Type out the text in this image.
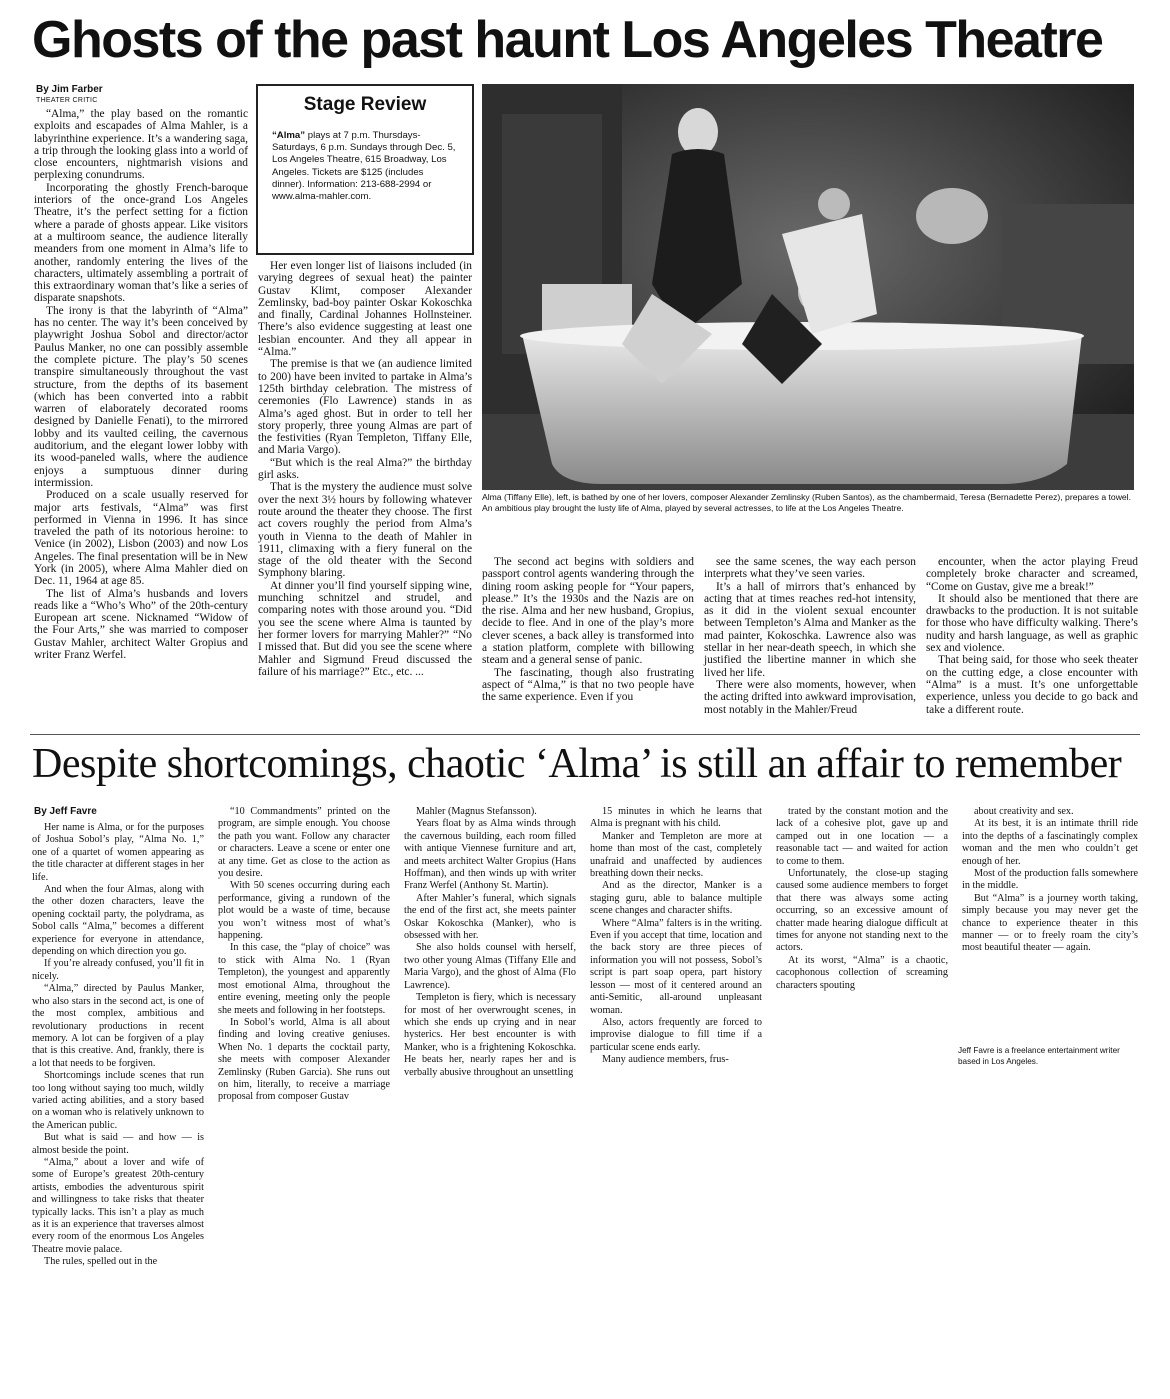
Ghosts of the past haunt Los Angeles Theatre
By Jim Farber
THEATER CRITIC

“Alma,” the play based on the romantic exploits and escapades of Alma Mahler, is a labyrinthine experience. It’s a wandering saga, a trip through the looking glass into a world of close encounters, nightmarish visions and perplexing conundrums.

Incorporating the ghostly French-baroque interiors of the once-grand Los Angeles Theatre, it’s the perfect setting for a fiction where a parade of ghosts appear. Like visitors at a multiroom seance, the audience literally meanders from one moment in Alma’s life to another, randomly entering the lives of the characters, ultimately assembling a portrait of this extraordinary woman that’s like a series of disparate snapshots.

The irony is that the labyrinth of “Alma” has no center. The way it’s been conceived by playwright Joshua Sobol and director/actor Paulus Manker, no one can possibly assemble the complete picture. The play’s 50 scenes transpire simultaneously throughout the vast structure, from the depths of its basement (which has been converted into a rabbit warren of elaborately decorated rooms designed by Danielle Fenati), to the mirrored lobby and its vaulted ceiling, the cavernous auditorium, and the elegant lower lobby with its wood-paneled walls, where the audience enjoys a sumptuous dinner during intermission.

Produced on a scale usually reserved for major arts festivals, “Alma” was first performed in Vienna in 1996. It has since traveled the path of its notorious heroine: to Venice (in 2002), Lisbon (2003) and now Los Angeles. The final presentation will be in New York (in 2005), where Alma Mahler died on Dec. 11, 1964 at age 85.

The list of Alma’s husbands and lovers reads like a “Who’s Who” of the 20th-century European art scene. Nicknamed “Widow of the Four Arts,” she was married to composer Gustav Mahler, architect Walter Gropius and writer Franz Werfel.

Stage Review
“Alma” plays at 7 p.m. Thursdays-Saturdays, 6 p.m. Sundays through Dec. 5, Los Angeles Theatre, 615 Broadway, Los Angeles. Tickets are $125 (includes dinner). Information: 213-688-2994 or www.alma-mahler.com.

Her even longer list of liaisons included (in varying degrees of sexual heat) the painter Gustav Klimt, composer Alexander Zemlinsky, bad-boy painter Oskar Kokoschka and finally, Cardinal Johannes Hollnsteiner. There’s also evidence suggesting at least one lesbian encounter. And they all appear in “Alma.”

The premise is that we (an audience limited to 200) have been invited to partake in Alma’s 125th birthday celebration. The mistress of ceremonies (Flo Lawrence) stands in as Alma’s aged ghost. But in order to tell her story properly, three young Almas are part of the festivities (Ryan Templeton, Tiffany Elle, and Maria Vargo).

“But which is the real Alma?” the birthday girl asks.

That is the mystery the audience must solve over the next 3½ hours by following whatever route around the theater they choose. The first act covers roughly the period from Alma’s youth in Vienna to the death of Mahler in 1911, climaxing with a fiery funeral on the stage of the old theater with the Second Symphony blaring.

At dinner you’ll find yourself sipping wine, munching schnitzel and strudel, and comparing notes with those around you. “Did you see the scene where Alma is taunted by her former lovers for marrying Mahler?” “No I missed that. But did you see the scene where Mahler and Sigmund Freud discussed the failure of his marriage?” Etc., etc. ...

Alma (Tiffany Elle), left, is bathed by one of her lovers, composer Alexander Zemlinsky (Ruben Santos), as the chambermaid, Teresa (Bernadette Perez), prepares a towel. An ambitious play brought the lusty life of Alma, played by several actresses, to life at the Los Angeles Theatre.

The second act begins with soldiers and passport control agents wandering through the dining room asking people for “Your papers, please.” It’s the 1930s and the Nazis are on the rise. Alma and her new husband, Gropius, decide to flee. And in one of the play’s more clever scenes, a back alley is transformed into a station platform, complete with billowing steam and a general sense of panic.

The fascinating, though also frustrating aspect of “Alma,” is that no two people have the same experience. Even if you

see the same scenes, the way each person interprets what they’ve seen varies.

It’s a hall of mirrors that’s enhanced by acting that at times reaches red-hot intensity, as it did in the violent sexual encounter between Templeton’s Alma and Manker as the mad painter, Kokoschka. Lawrence also was stellar in her near-death speech, in which she justified the libertine manner in which she lived her life.

There were also moments, however, when the acting drifted into awkward improvisation, most notably in the Mahler/Freud

encounter, when the actor playing Freud completely broke character and screamed, “Come on Gustav, give me a break!”

It should also be mentioned that there are drawbacks to the production. It is not suitable for those who have difficulty walking. There’s nudity and harsh language, as well as graphic sex and violence.

That being said, for those who seek theater on the cutting edge, a close encounter with “Alma” is a must. It’s one unforgettable experience, unless you decide to go back and take a different route.

Despite shortcomings, chaotic ‘Alma’ is still an affair to remember
By Jeff Favre

Her name is Alma, or for the purposes of Joshua Sobol’s play, “Alma No. 1,” one of a quartet of women appearing as the title character at different stages in her life.

And when the four Almas, along with the other dozen characters, leave the opening cocktail party, the polydrama, as Sobol calls “Alma,” becomes a different experience for everyone in attendance, depending on which direction you go.

If you’re already confused, you’ll fit in nicely.

“Alma,” directed by Paulus Manker, who also stars in the second act, is one of the most complex, ambitious and revolutionary productions in recent memory. A lot can be forgiven of a play that is this creative. And, frankly, there is a lot that needs to be forgiven.

Shortcomings include scenes that run too long without saying too much, wildly varied acting abilities, and a story based on a woman who is relatively unknown to the American public.

But what is said — and how — is almost beside the point.

“Alma,” about a lover and wife of some of Europe’s greatest 20th-century artists, embodies the adventurous spirit and willingness to take risks that theater typically lacks. This isn’t a play as much as it is an experience that traverses almost every room of the enormous Los Angeles Theatre movie palace.

The rules, spelled out in the

“10 Commandments” printed on the program, are simple enough. You choose the path you want. Follow any character or characters. Leave a scene or enter one at any time. Get as close to the action as you desire.

With 50 scenes occurring during each performance, giving a rundown of the plot would be a waste of time, because you won’t witness most of what’s happening.

In this case, the “play of choice” was to stick with Alma No. 1 (Ryan Templeton), the youngest and apparently most emotional Alma, throughout the entire evening, meeting only the people she meets and following in her footsteps.

In Sobol’s world, Alma is all about finding and loving creative geniuses. When No. 1 departs the cocktail party, she meets with composer Alexander Zemlinsky (Ruben Garcia). She runs out on him, literally, to receive a marriage proposal from composer Gustav

Mahler (Magnus Stefansson).

Years float by as Alma winds through the cavernous building, each room filled with antique Viennese furniture and art, and meets architect Walter Gropius (Hans Hoffman), and then winds up with writer Franz Werfel (Anthony St. Martin).

After Mahler’s funeral, which signals the end of the first act, she meets painter Oskar Kokoschka (Manker), who is obsessed with her.

She also holds counsel with herself, two other young Almas (Tiffany Elle and Maria Vargo), and the ghost of Alma (Flo Lawrence).

Templeton is fiery, which is necessary for most of her overwrought scenes, in which she ends up crying and in near hysterics. Her best encounter is with Manker, who is a frightening Kokoschka. He beats her, nearly rapes her and is verbally abusive throughout an unsettling

15 minutes in which he learns that Alma is pregnant with his child.

Manker and Templeton are more at home than most of the cast, completely unafraid and unaffected by audiences breathing down their necks.

And as the director, Manker is a staging guru, able to balance multiple scene changes and character shifts.

Where “Alma” falters is in the writing. Even if you accept that time, location and the back story are three pieces of information you will not possess, Sobol’s script is part soap opera, part history lesson — most of it centered around an anti-Semitic, all-around unpleasant woman.

Also, actors frequently are forced to improvise dialogue to fill time if a particular scene ends early.

Many audience members, frus-

trated by the constant motion and the lack of a cohesive plot, gave up and camped out in one location — a reasonable tact — and waited for action to come to them.

Unfortunately, the close-up staging caused some audience members to forget that there was always some acting occurring, so an excessive amount of chatter made hearing dialogue difficult at times for anyone not standing next to the actors.

At its worst, “Alma” is a chaotic, cacophonous collection of screaming characters spouting

about creativity and sex.

At its best, it is an intimate thrill ride into the depths of a fascinatingly complex woman and the men who couldn’t get enough of her.

Most of the production falls somewhere in the middle.

But “Alma” is a journey worth taking, simply because you may never get the chance to experience theater in this manner — or to freely roam the city’s most beautiful theater — again.

Jeff Favre is a freelance entertainment writer based in Los Angeles.
